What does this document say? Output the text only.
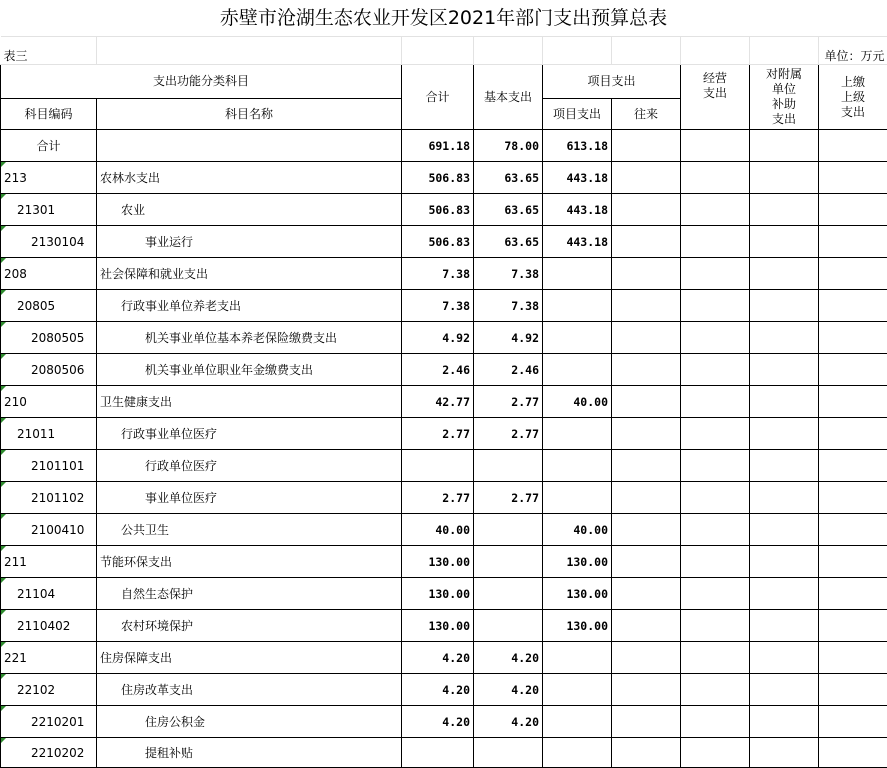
赤壁市沧湖生态农业开发区2021年部门支出预算总表
表三								单位：万元
支出功能分类科目		合计	基本支出	项目支出		经营
支出	对附属
单位
补助
支出	上缴
上级
支出
科目编码	科目名称			项目支出	往来			
合计		691.18	78.00	613.18				
213	农林水支出	506.83	63.65	443.18				
21301	农业	506.83	63.65	443.18				
2130104	事业运行	506.83	63.65	443.18				
208	社会保障和就业支出	7.38	7.38					
20805	行政事业单位养老支出	7.38	7.38					
2080505	机关事业单位基本养老保险缴费支出	4.92	4.92					
2080506	机关事业单位职业年金缴费支出	2.46	2.46					
210	卫生健康支出	42.77	2.77	40.00				
21011	行政事业单位医疗	2.77	2.77					
2101101	行政单位医疗							
2101102	事业单位医疗	2.77	2.77					
2100410	公共卫生	40.00		40.00				
211	节能环保支出	130.00		130.00				
21104	自然生态保护	130.00		130.00				
2110402	农村环境保护	130.00		130.00				
221	住房保障支出	4.20	4.20					
22102	住房改革支出	4.20	4.20					
2210201	住房公积金	4.20	4.20					
2210202	提租补贴							
